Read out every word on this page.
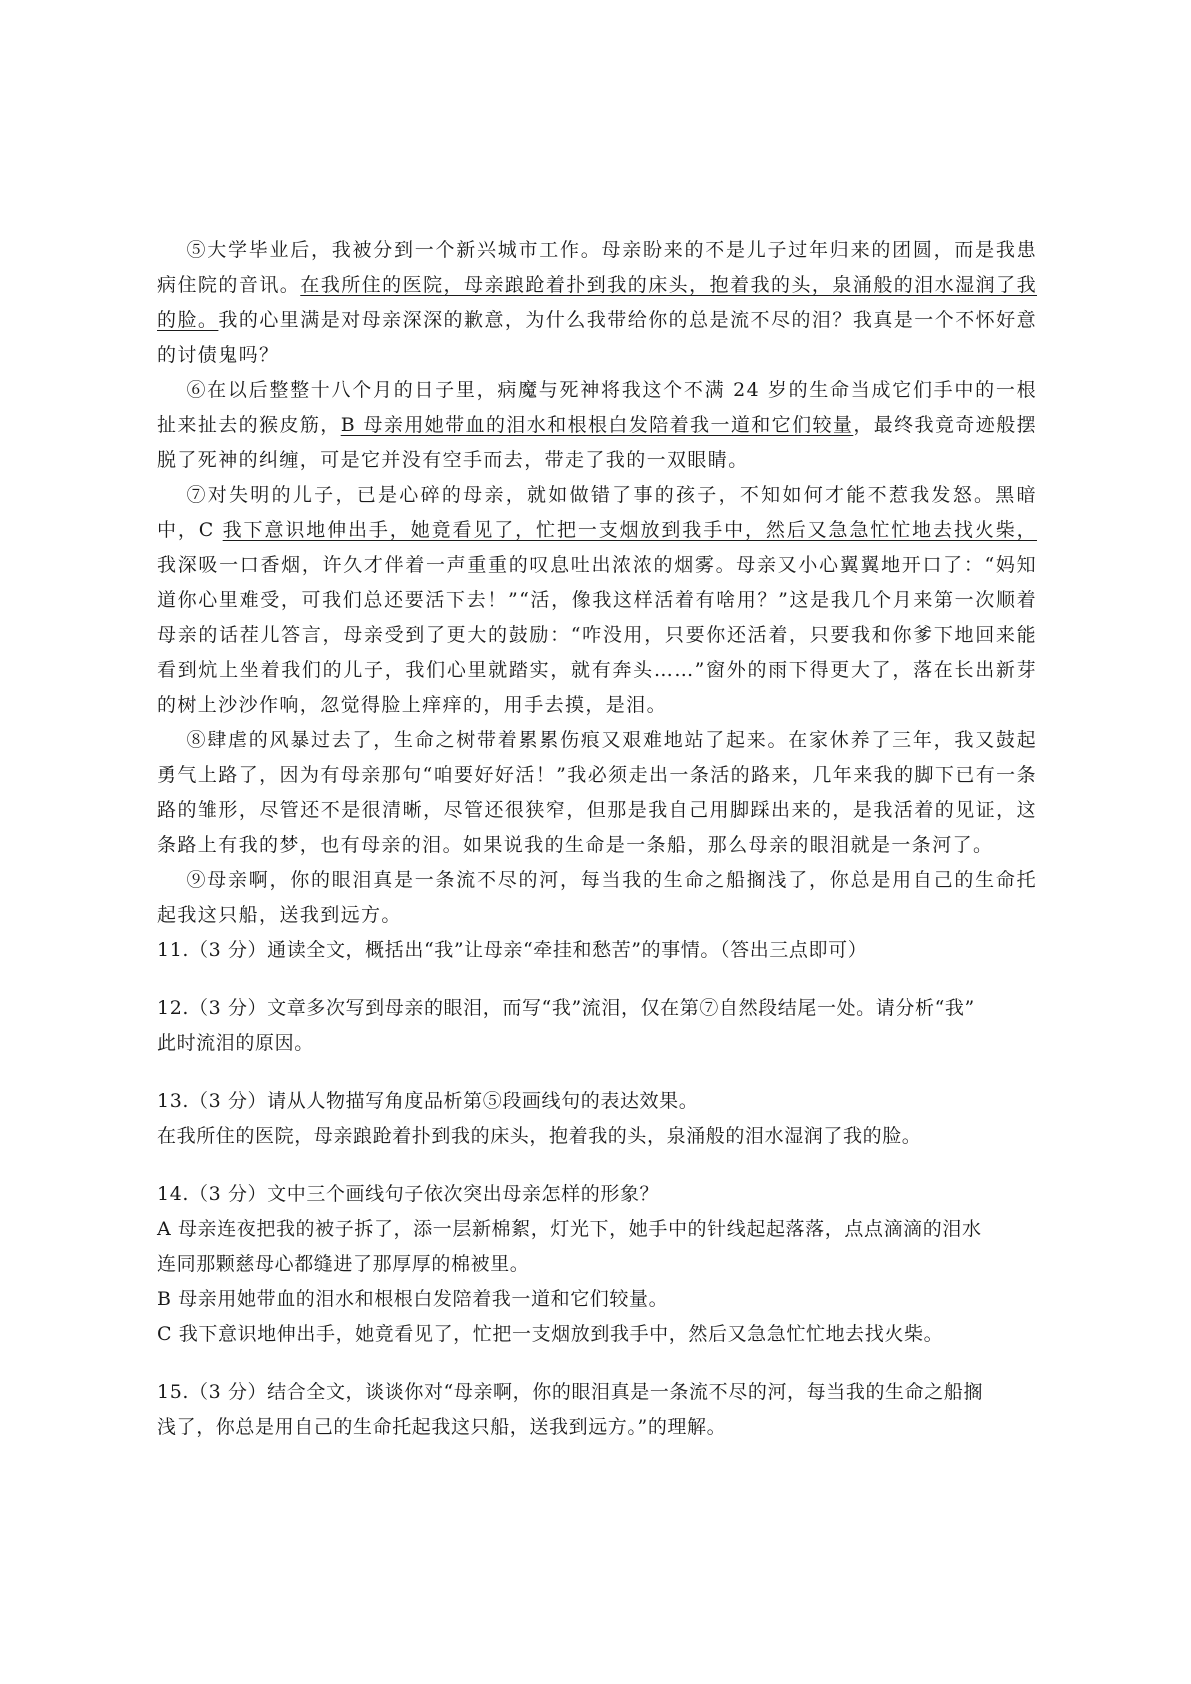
⑤大学毕业后，我被分到一个新兴城市工作。母亲盼来的不是儿子过年归来的团圆，而是我患病住院的音讯。在我所住的医院，母亲踉跄着扑到我的床头，抱着我的头，泉涌般的泪水湿润了我的脸。我的心里满是对母亲深深的歉意，为什么我带给你的总是流不尽的泪？我真是一个不怀好意的讨债鬼吗？

⑥在以后整整十八个月的日子里，病魔与死神将我这个不满 24 岁的生命当成它们手中的一根扯来扯去的猴皮筋，B 母亲用她带血的泪水和根根白发陪着我一道和它们较量，最终我竟奇迹般摆脱了死神的纠缠，可是它并没有空手而去，带走了我的一双眼睛。

⑦对失明的儿子，已是心碎的母亲，就如做错了事的孩子，不知如何才能不惹我发怒。黑暗中，C 我下意识地伸出手，她竟看见了，忙把一支烟放到我手中，然后又急急忙忙地去找火柴，我深吸一口香烟，许久才伴着一声重重的叹息吐出浓浓的烟雾。母亲又小心翼翼地开口了：“妈知道你心里难受，可我们总还要活下去！”“活，像我这样活着有啥用？”这是我几个月来第一次顺着母亲的话茬儿答言，母亲受到了更大的鼓励：“咋没用，只要你还活着，只要我和你爹下地回来能看到炕上坐着我们的儿子，我们心里就踏实，就有奔头……”窗外的雨下得更大了，落在长出新芽的树上沙沙作响，忽觉得脸上痒痒的，用手去摸，是泪。

⑧肆虐的风暴过去了，生命之树带着累累伤痕又艰难地站了起来。在家休养了三年，我又鼓起勇气上路了，因为有母亲那句“咱要好好活！”我必须走出一条活的路来，几年来我的脚下已有一条路的雏形，尽管还不是很清晰，尽管还很狭窄，但那是我自己用脚踩出来的，是我活着的见证，这条路上有我的梦，也有母亲的泪。如果说我的生命是一条船，那么母亲的眼泪就是一条河了。

⑨母亲啊，你的眼泪真是一条流不尽的河，每当我的生命之船搁浅了，你总是用自己的生命托起我这只船，送我到远方。

11.（3 分）通读全文，概括出“我”让母亲“牵挂和愁苦”的事情。（答出三点即可）
12.（3 分）文章多次写到母亲的眼泪，而写“我”流泪，仅在第⑦自然段结尾一处。请分析“我”
此时流泪的原因。
13.（3 分）请从人物描写角度品析第⑤段画线句的表达效果。
在我所住的医院，母亲踉跄着扑到我的床头，抱着我的头，泉涌般的泪水湿润了我的脸。
14.（3 分）文中三个画线句子依次突出母亲怎样的形象？
A 母亲连夜把我的被子拆了，添一层新棉絮，灯光下，她手中的针线起起落落，点点滴滴的泪水
连同那颗慈母心都缝进了那厚厚的棉被里。
B 母亲用她带血的泪水和根根白发陪着我一道和它们较量。
C 我下意识地伸出手，她竟看见了，忙把一支烟放到我手中，然后又急急忙忙地去找火柴。
15.（3 分）结合全文，谈谈你对“母亲啊，你的眼泪真是一条流不尽的河，每当我的生命之船搁
浅了，你总是用自己的生命托起我这只船，送我到远方。”的理解。
